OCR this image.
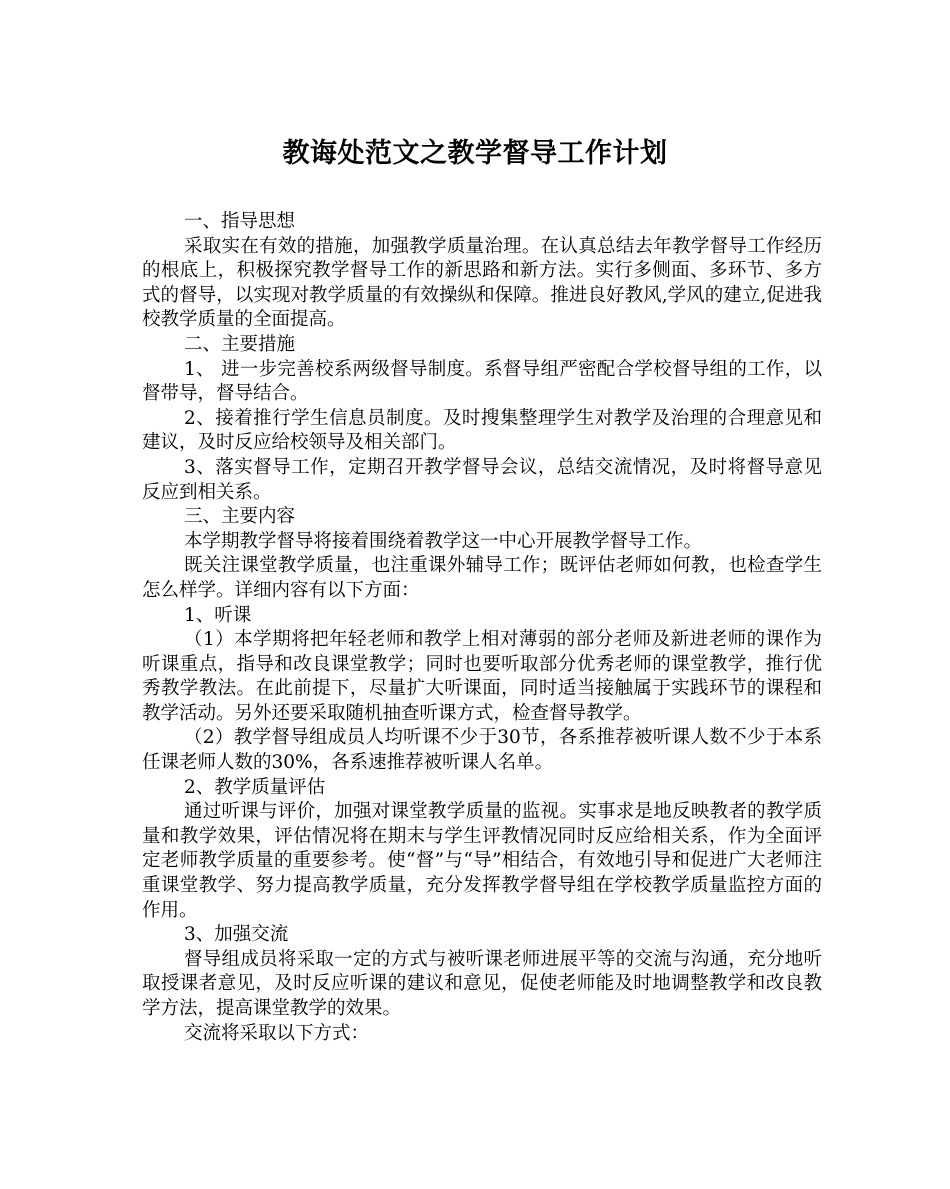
教诲处范文之教学督导工作计划

一、指导思想

采取实在有效的措施，加强教学质量治理。在认真总结去年教学督导工作经历的根底上，积极探究教学督导工作的新思路和新方法。实行多侧面、多环节、多方式的督导，以实现对教学质量的有效操纵和保障。推进良好教风,学风的建立,促进我校教学质量的全面提高。

二、主要措施

1、 进一步完善校系两级督导制度。系督导组严密配合学校督导组的工作，以督带导，督导结合。

2、接着推行学生信息员制度。及时搜集整理学生对教学及治理的合理意见和建议，及时反应给校领导及相关部门。

3、落实督导工作，定期召开教学督导会议，总结交流情况，及时将督导意见反应到相关系。

三、主要内容

本学期教学督导将接着围绕着教学这一中心开展教学督导工作。

既关注课堂教学质量，也注重课外辅导工作；既评估老师如何教，也检查学生怎么样学。详细内容有以下方面：

1、听课

（1）本学期将把年轻老师和教学上相对薄弱的部分老师及新进老师的课作为听课重点，指导和改良课堂教学；同时也要听取部分优秀老师的课堂教学，推行优秀教学教法。在此前提下，尽量扩大听课面，同时适当接触属于实践环节的课程和教学活动。另外还要采取随机抽查听课方式，检查督导教学。

（2）教学督导组成员人均听课不少于30节，各系推荐被听课人数不少于本系任课老师人数的30%，各系速推荐被听课人名单。

2、教学质量评估

通过听课与评价，加强对课堂教学质量的监视。实事求是地反映教者的教学质量和教学效果，评估情况将在期末与学生评教情况同时反应给相关系，作为全面评定老师教学质量的重要参考。使“督”与“导”相结合，有效地引导和促进广大老师注重课堂教学、努力提高教学质量，充分发挥教学督导组在学校教学质量监控方面的作用。

3、加强交流

督导组成员将采取一定的方式与被听课老师进展平等的交流与沟通，充分地听取授课者意见，及时反应听课的建议和意见，促使老师能及时地调整教学和改良教学方法，提高课堂教学的效果。

交流将采取以下方式：
